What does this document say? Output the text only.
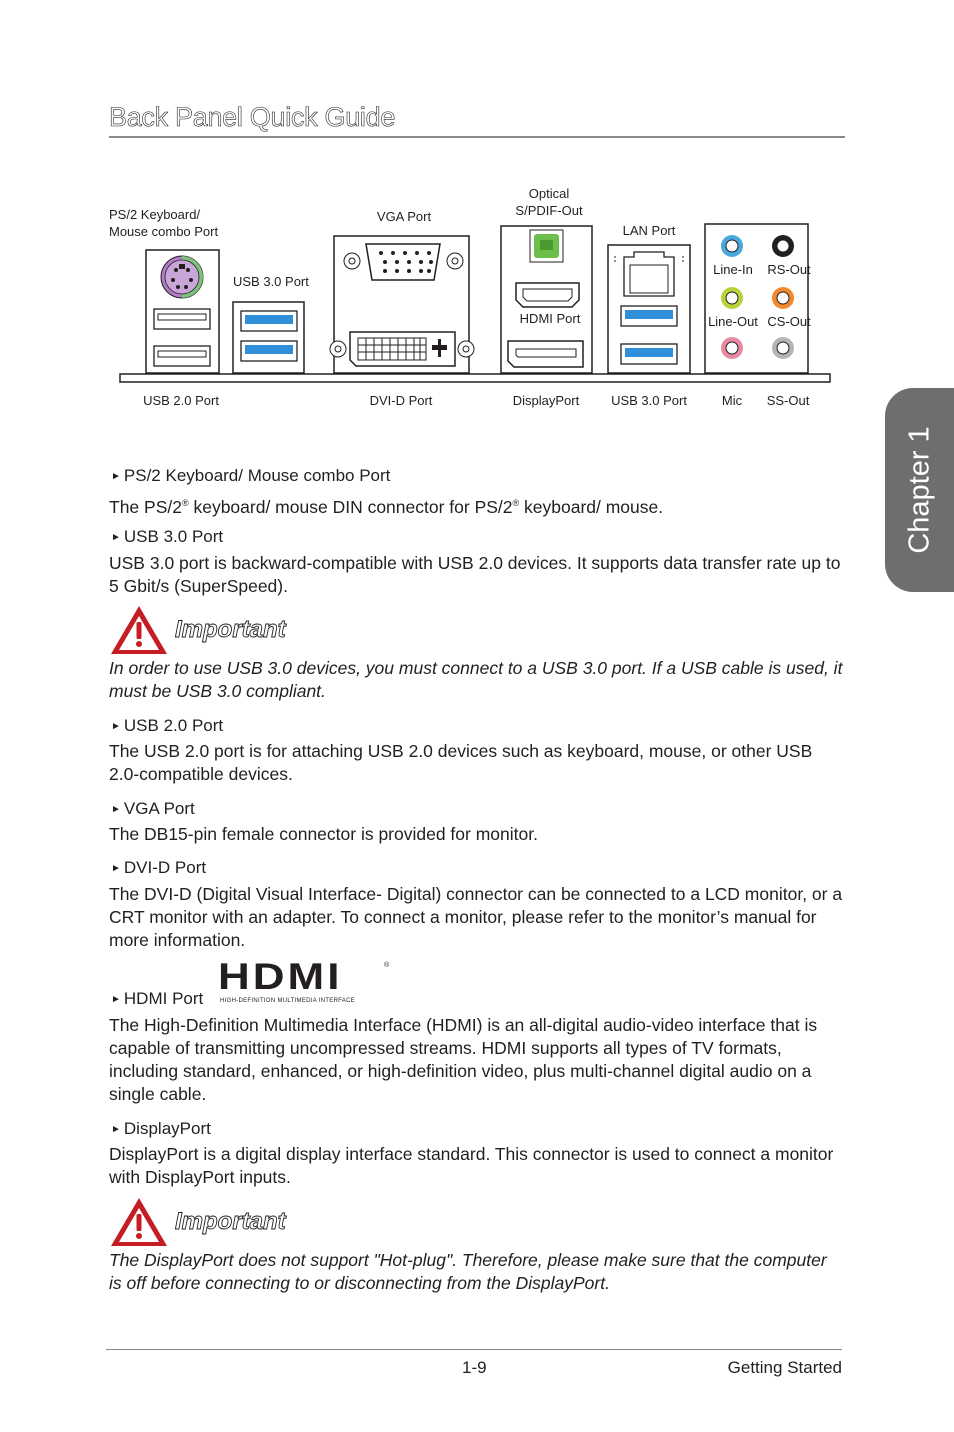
Back Panel Quick Guide
Chapter 1
PS/2 Keyboard/
Mouse combo Port
USB 3.0 Port
VGA Port
Optical
S/PDIF-Out
LAN Port
HDMI Port
Line-In RS-Out
Line-Out CS-Out
USB 2.0 Port	DVI-D Port	DisplayPort USB 3.0 Port	Mic SS-Out
► PS/2 Keyboard/ Mouse combo Port
The PS/2® keyboard/ mouse DIN connector for PS/2® keyboard/ mouse.
► USB 3.0 Port
USB 3.0 port is backward-compatible with USB 2.0 devices. It supports data transfer rate up to 5 Gbit/s (SuperSpeed).
Important
In order to use USB 3.0 devices, you must connect to a USB 3.0 port. If a USB cable is used, it must be USB 3.0 compliant.
► USB 2.0 Port
The USB 2.0 port is for attaching USB 2.0 devices such as keyboard, mouse, or other USB 2.0-compatible devices.
► VGA Port
The DB15-pin female connector is provided for monitor.
► DVI-D Port
The DVI-D (Digital Visual Interface- Digital) connector can be connected to a LCD monitor, or a CRT monitor with an adapter. To connect a monitor, please refer to the monitor’s manual for more information.
► HDMI Port
HDMI	®
HIGH-DEFINITION MULTIMEDIA INTERFACE
The High-Definition Multimedia Interface (HDMI) is an all-digital audio-video interface that is capable of transmitting uncompressed streams. HDMI supports all types of TV formats, including standard, enhanced, or high-definition video, plus multi-channel digital audio on a single cable.
► DisplayPort
DisplayPort is a digital display interface standard. This connector is used to connect a monitor with DisplayPort inputs.
Important
The DisplayPort does not support "Hot-plug". Therefore, please make sure that the computer is off before connecting to or disconnecting from the DisplayPort.
1-9	Getting Started
